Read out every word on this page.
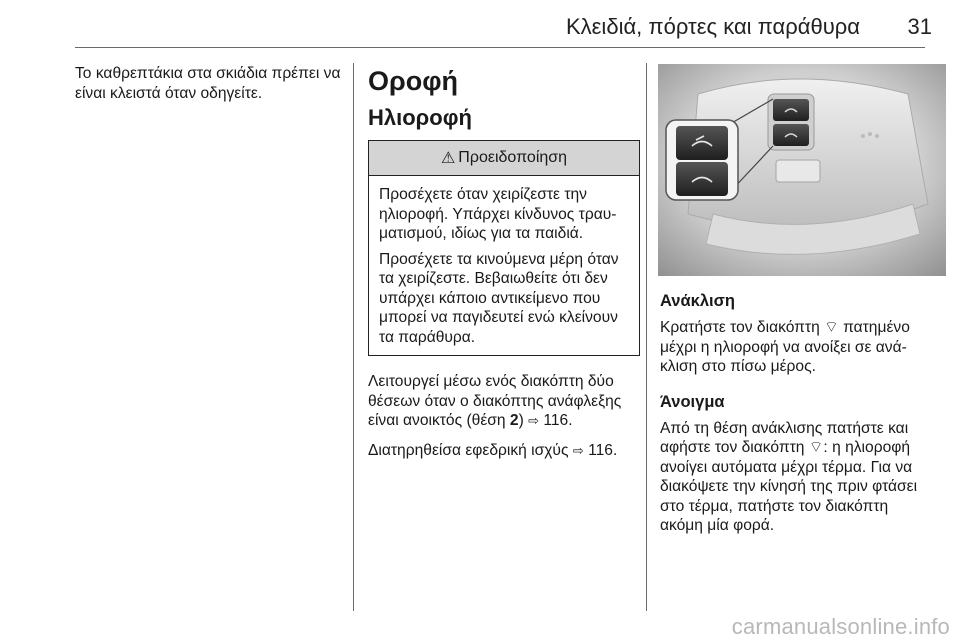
Κλειδιά, πόρτες και παράθυρα	31

Το καθρεπτάκια στα σκιάδια πρέπει να είναι κλειστά όταν οδηγείτε.	Οροφή
Ηλιοροφή
⚠ Προειδοποίηση

Προσέχετε όταν χειρίζεστε την ηλιοροφή. Υπάρχει κίνδυνος τραυ-ματισμού, ιδίως για τα παιδιά.

Προσέχετε τα κινούμενα μέρη όταν τα χειρίζεστε. Βεβαιωθείτε ότι δεν υπάρχει κάποιο αντικείμενο που μπορεί να παγιδευτεί ενώ κλείνουν τα παράθυρα.

Λειτουργεί μέσω ενός διακόπτη δύο θέσεων όταν ο διακόπτης ανάφλεξης είναι ανοικτός (θέση 2) ⇨ 116.

Διατηρηθείσα εφεδρική ισχύς ⇨ 116.

Ανάκλιση

Κρατήστε τον διακόπτη ⌔ πατημένο μέχρι η ηλιοροφή να ανοίξει σε ανά-κλιση στο πίσω μέρος.

Άνοιγμα

Από τη θέση ανάκλισης πατήστε και αφήστε τον διακόπτη ⌔: η ηλιοροφή ανοίγει αυτόματα μέχρι τέρμα. Για να διακόψετε την κίνησή της πριν φτάσει στο τέρμα, πατήστε τον διακόπτη ακόμη μία φορά.

carmanualsonline.info
